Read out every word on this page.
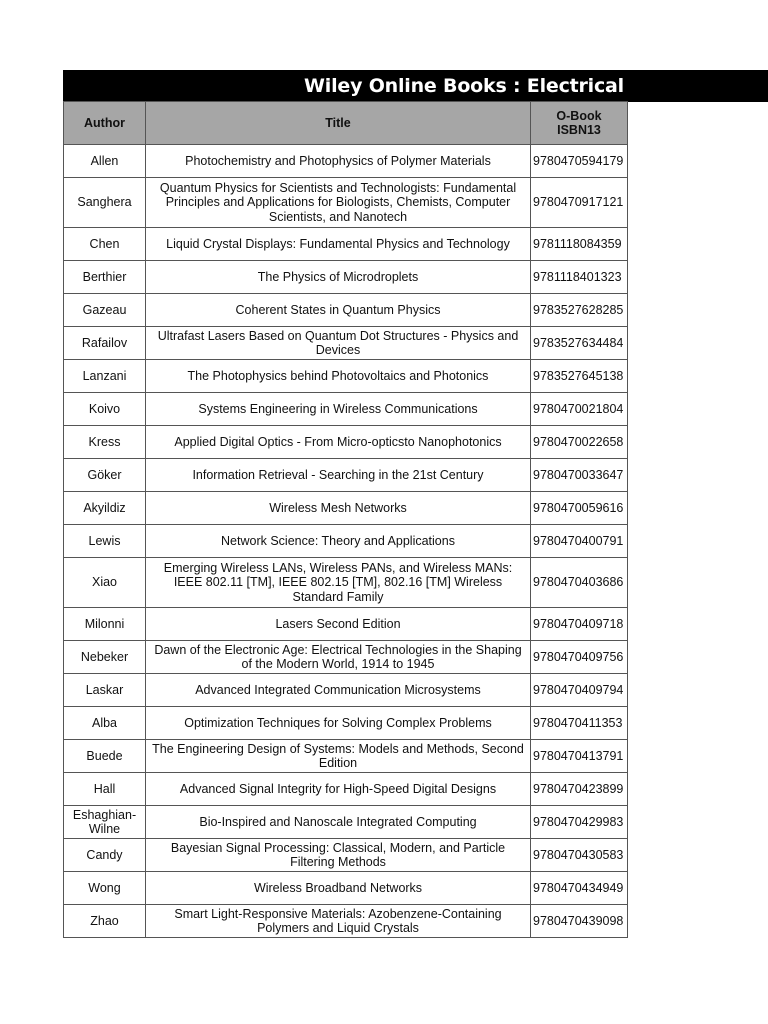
Wiley Online Books : Electrical
Author	Title	O-Book ISBN13
Allen	Photochemistry and Photophysics of Polymer Materials	9780470594179
Sanghera	Quantum Physics for Scientists and Technologists: Fundamental Principles and Applications for Biologists, Chemists, Computer Scientists, and Nanotech	9780470917121
Chen	Liquid Crystal Displays: Fundamental Physics and Technology	9781118084359
Berthier	The Physics of Microdroplets	9781118401323
Gazeau	Coherent States in Quantum Physics	9783527628285
Rafailov	Ultrafast Lasers Based on Quantum Dot Structures - Physics and Devices	9783527634484
Lanzani	The Photophysics behind Photovoltaics and Photonics	9783527645138
Koivo	Systems Engineering in Wireless Communications	9780470021804
Kress	Applied Digital Optics - From Micro-opticsto Nanophotonics	9780470022658
Göker	Information Retrieval - Searching in the 21st Century	9780470033647
Akyildiz	Wireless Mesh Networks	9780470059616
Lewis	Network Science: Theory and Applications	9780470400791
Xiao	Emerging Wireless LANs, Wireless PANs, and Wireless MANs: IEEE 802.11 [TM], IEEE 802.15 [TM], 802.16 [TM] Wireless Standard Family	9780470403686
Milonni	Lasers Second Edition	9780470409718
Nebeker	Dawn of the Electronic Age: Electrical Technologies in the Shaping of the Modern World, 1914 to 1945	9780470409756
Laskar	Advanced Integrated Communication Microsystems	9780470409794
Alba	Optimization Techniques for Solving Complex Problems	9780470411353
Buede	The Engineering Design of Systems: Models and Methods, Second Edition	9780470413791
Hall	Advanced Signal Integrity for High-Speed Digital Designs	9780470423899
Eshaghian-Wilne	Bio-Inspired and Nanoscale Integrated Computing	9780470429983
Candy	Bayesian Signal Processing: Classical, Modern, and Particle Filtering Methods	9780470430583
Wong	Wireless Broadband Networks	9780470434949
Zhao	Smart Light-Responsive Materials: Azobenzene-Containing Polymers and Liquid Crystals	9780470439098
